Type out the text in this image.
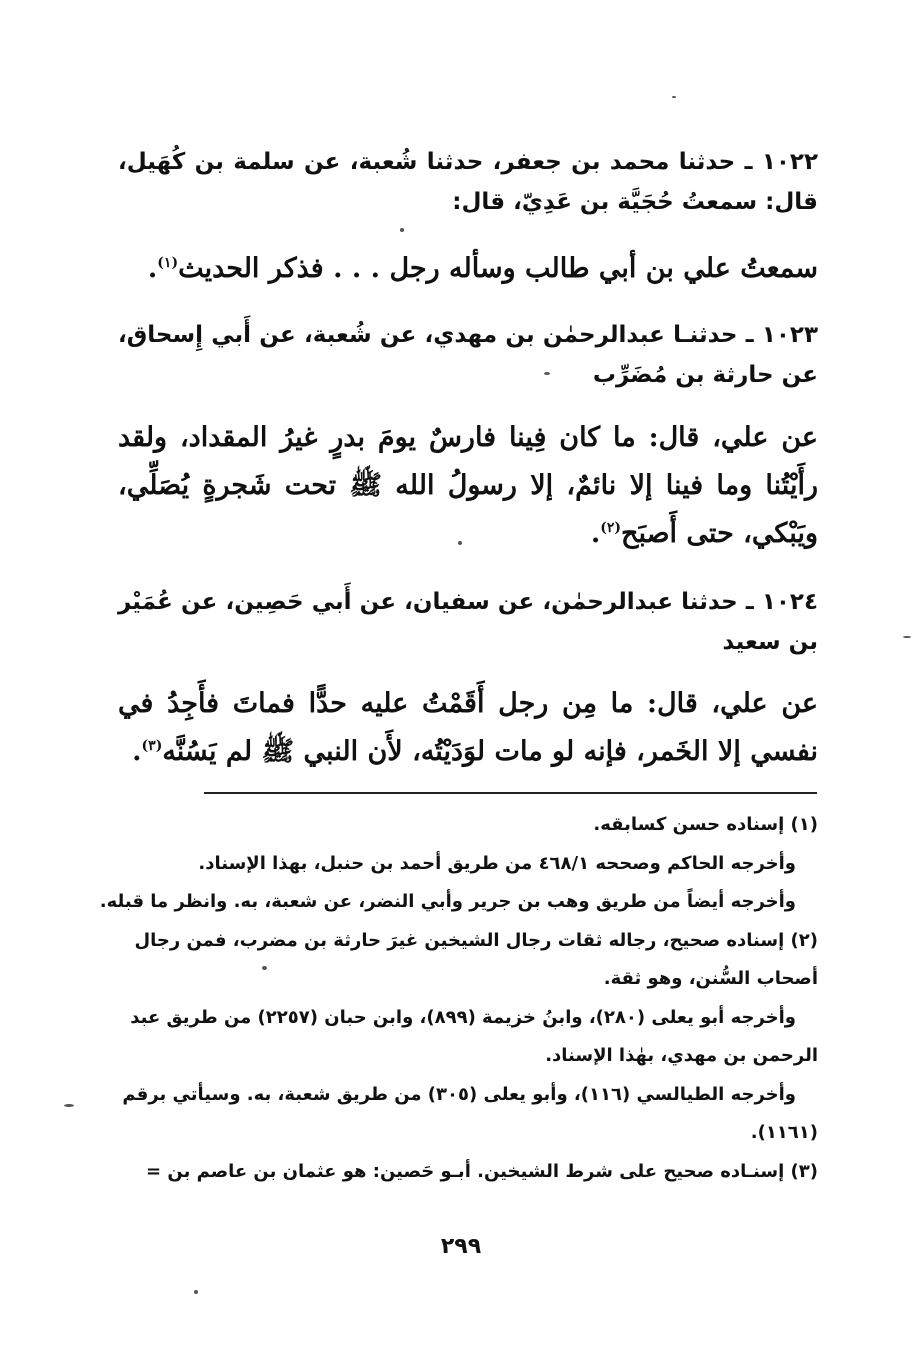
١٠٢٢ ـ حدثنا محمد بن جعفر، حدثنا شُعبة، عن سلمة بن كُهَيل، قال: سمعتُ حُجَيَّة بن عَدِيّ، قال:
سمعتُ علي بن أبي طالب وسأله رجل . . . فذكر الحديث$^{(١)}$.
١٠٢٣ ـ حدثنـا عبدالرحمٰن بن مهدي، عن شُعبة، عن أَبي إِسحاق، عن حارثة بن مُضَرِّب
عن علي، قال: ما كان فِينا فارسٌ يومَ بدرٍ غيرُ المقداد، ولقد رأَيْتُنا وما فينا إلا نائمٌ، إلا رسولُ الله ﷺ تحت شَجرةٍ يُصَلِّي، ويَبْكي، حتى أَصبَح$^{(٢)}$.
١٠٢٤ ـ حدثنا عبدالرحمٰن، عن سفيان، عن أَبي حَصِين، عن عُمَيْر بن سعيد
عن علي، قال: ما مِن رجل أَقَمْتُ عليه حدًّا فماتَ فأَجِدُ في نفسي إلا الخَمر، فإنه لو مات لوَدَيْتُه، لأَن النبي ﷺ لم يَسُنَّه$^{(٣)}$.
(١) إسناده حسن كسابقه.
وأخرجه الحاكم وصححه ٤٦٨/١ من طريق أحمد بن حنبل، بهذا الإسناد.
وأخرجه أيضاً من طريق وهب بن جرير وأبي النضر، عن شعبة، به. وانظر ما قبله.
(٢) إسناده صحيح، رجاله ثقات رجال الشيخين غيرَ حارثة بن مضرب، فمن رجال
أصحاب السُّنن، وهو ثقة.
وأخرجه أبو يعلى (٢٨٠)، وابنُ خزيمة (٨٩٩)، وابن حبان (٢٢٥٧) من طريق عبد
الرحمن بن مهدي، بهٰذا الإسناد.
وأخرجه الطيالسي (١١٦)، وأبو يعلى (٣٠٥) من طريق شعبة، به. وسيأتي برقم
(١١٦١).
(٣) إسنـاده صحيح على شرط الشيخين. أبـو حَصين: هو عثمان بن عاصم بن =
٢٩٩
